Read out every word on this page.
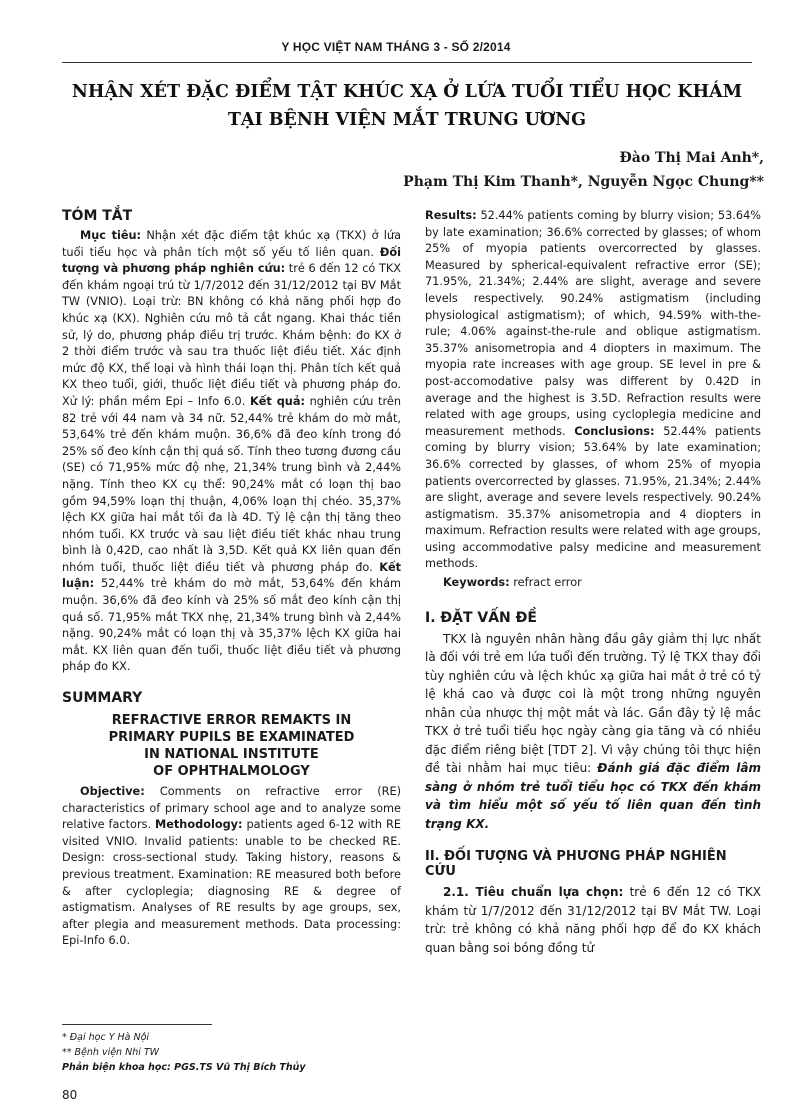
Y HỌC VIỆT NAM THÁNG 3 - SỐ 2/2014
NHẬN XÉT ĐẶC ĐIỂM TẬT KHÚC XẠ Ở LỨA TUỔI TIỂU HỌC KHÁM
TẠI BỆNH VIỆN MẮT TRUNG ƯƠNG
Đào Thị Mai Anh*,
Phạm Thị Kim Thanh*, Nguyễn Ngọc Chung**
TÓM TẮT

Mục tiêu: Nhận xét đặc điểm tật khúc xạ (TKX) ở lứa tuổi tiểu học và phân tích một số yếu tố liên quan. Đối tượng và phương pháp nghiên cứu: trẻ 6 đến 12 có TKX đến khám ngoại trú từ 1/7/2012 đến 31/12/2012 tại BV Mắt TW (VNIO). Loại trừ: BN không có khả năng phối hợp đo khúc xạ (KX). Nghiên cứu mô tả cắt ngang. Khai thác tiền sử, lý do, phương pháp điều trị trước. Khám bệnh: đo KX ở 2 thời điểm trước và sau tra thuốc liệt điều tiết. Xác định mức độ KX, thể loại và hình thái loạn thị. Phân tích kết quả KX theo tuổi, giới, thuốc liệt điều tiết và phương pháp đo. Xử lý: phần mềm Epi – Info 6.0. Kết quả: nghiên cứu trên 82 trẻ với 44 nam và 34 nữ. 52,44% trẻ khám do mờ mắt, 53,64% trẻ đến khám muộn. 36,6% đã đeo kính trong đó 25% số đeo kính cận thị quá số. Tính theo tương đương cầu (SE) có 71,95% mức độ nhẹ, 21,34% trung bình và 2,44% nặng. Tính theo KX cụ thể: 90,24% mắt có loạn thị bao gồm 94,59% loạn thị thuận, 4,06% loạn thị chéo. 35,37% lệch KX giữa hai mắt tối đa là 4D. Tỷ lệ cận thị tăng theo nhóm tuổi. KX trước và sau liệt điều tiết khác nhau trung bình là 0,42D, cao nhất là 3,5D. Kết quả KX liên quan đến nhóm tuổi, thuốc liệt điều tiết và phương pháp đo. Kết luận: 52,44% trẻ khám do mờ mắt, 53,64% đến khám muộn. 36,6% đã đeo kính và 25% số mắt đeo kính cận thị quá số. 71,95% mắt TKX nhẹ, 21,34% trung bình và 2,44% nặng. 90,24% mắt có loạn thị và 35,37% lệch KX giữa hai mắt. KX liên quan đến tuổi, thuốc liệt điều tiết và phương pháp đo KX.

SUMMARY
REFRACTIVE ERROR REMAKTS IN
PRIMARY PUPILS BE EXAMINATED
IN NATIONAL INSTITUTE
OF OPHTHALMOLOGY

Objective: Comments on refractive error (RE) characteristics of primary school age and to analyze some relative factors. Methodology: patients aged 6-12 with RE visited VNIO. Invalid patients: unable to be checked RE. Design: cross-sectional study. Taking history, reasons & previous treatment. Examination: RE measured both before & after cycloplegia; diagnosing RE & degree of astigmatism. Analyses of RE results by age groups, sex, after plegia and measurement methods. Data processing: Epi-Info 6.0.

Results: 52.44% patients coming by blurry vision; 53.64% by late examination; 36.6% corrected by glasses; of whom 25% of myopia patients overcorrected by glasses. Measured by spherical-equivalent refractive error (SE); 71.95%, 21.34%; 2.44% are slight, average and severe levels respectively. 90.24% astigmatism (including physiological astigmatism); of which, 94.59% with-the-rule; 4.06% against-the-rule and oblique astigmatism. 35.37% anisometropia and 4 diopters in maximum. The myopia rate increases with age group. SE level in pre & post-accomodative palsy was different by 0.42D in average and the highest is 3.5D. Refraction results were related with age groups, using cycloplegia medicine and measurement methods. Conclusions: 52.44% patients coming by blurry vision; 53.64% by late examination; 36.6% corrected by glasses, of whom 25% of myopia patients overcorrected by glasses. 71.95%, 21.34%; 2.44% are slight, average and severe levels respectively. 90.24% astigmatism. 35.37% anisometropia and 4 diopters in maximum. Refraction results were related with age groups, using accommodative palsy medicine and measurement methods.

Keywords: refract error

I. ĐẶT VẤN ĐỀ

TKX là nguyên nhân hàng đầu gây giảm thị lực nhất là đối với trẻ em lứa tuổi đến trường. Tỷ lệ TKX thay đổi tùy nghiên cứu và lệch khúc xạ giữa hai mắt ở trẻ có tỷ lệ khá cao và được coi là một trong những nguyên nhân của nhược thị một mắt và lác. Gần đây tỷ lệ mắc TKX ở trẻ tuổi tiểu học ngày càng gia tăng và có nhiều đặc điểm riêng biệt [TDT 2]. Vì vậy chúng tôi thực hiện đề tài nhằm hai mục tiêu: Đánh giá đặc điểm lâm sàng ở nhóm trẻ tuổi tiểu học có TKX đến khám và tìm hiểu một số yếu tố liên quan đến tình trạng KX.

II. ĐỐI TƯỢNG VÀ PHƯƠNG PHÁP NGHIÊN CỨU

2.1. Tiêu chuẩn lựa chọn: trẻ 6 đến 12 có TKX khám từ 1/7/2012 đến 31/12/2012 tại BV Mắt TW. Loại trừ: trẻ không có khả năng phối hợp để đo KX khách quan bằng soi bóng đồng tử

* Đại học Y Hà Nội
** Bệnh viện Nhi TW
Phản biện khoa học: PGS.TS Vũ Thị Bích Thủy
80
